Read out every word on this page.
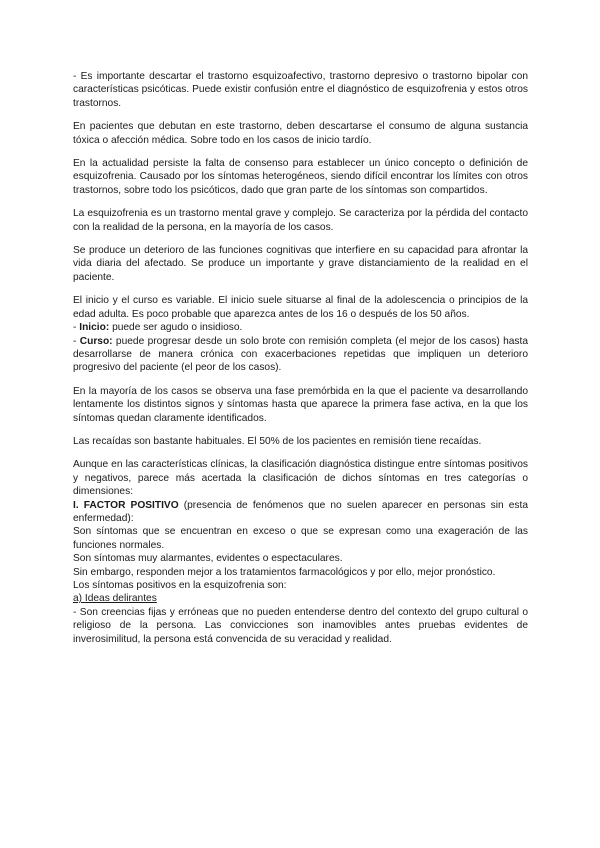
- Es importante descartar el trastorno esquizoafectivo, trastorno depresivo o trastorno bipolar con características psicóticas. Puede existir confusión entre el diagnóstico de esquizofrenia y estos otros trastornos.

En pacientes que debutan en este trastorno, deben descartarse el consumo de alguna sustancia tóxica o afección médica. Sobre todo en los casos de inicio tardío.

En la actualidad persiste la falta de consenso para establecer un único concepto o definición de esquizofrenia. Causado por los síntomas heterogéneos, siendo difícil encontrar los límites con otros trastornos, sobre todo los psicóticos, dado que gran parte de los síntomas son compartidos.

La esquizofrenia es un trastorno mental grave y complejo. Se caracteriza por la pérdida del contacto con la realidad de la persona, en la mayoría de los casos.

Se produce un deterioro de las funciones cognitivas que interfiere en su capacidad para afrontar la vida diaria del afectado. Se produce un importante y grave distanciamiento de la realidad en el paciente.

El inicio y el curso es variable. El inicio suele situarse al final de la adolescencia o principios de la edad adulta. Es poco probable que aparezca antes de los 16 o después de los 50 años.

- Inicio: puede ser agudo o insidioso.

- Curso: puede progresar desde un solo brote con remisión completa (el mejor de los casos) hasta desarrollarse de manera crónica con exacerbaciones repetidas que impliquen un deterioro progresivo del paciente (el peor de los casos).

En la mayoría de los casos se observa una fase premórbida en la que el paciente va desarrollando lentamente los distintos signos y síntomas hasta que aparece la primera fase activa, en la que los síntomas quedan claramente identificados.

Las recaídas son bastante habituales. El 50% de los pacientes en remisión tiene recaídas.

Aunque en las características clínicas, la clasificación diagnóstica distingue entre síntomas positivos y negativos, parece más acertada la clasificación de dichos síntomas en tres categorías o dimensiones:

I. FACTOR POSITIVO (presencia de fenómenos que no suelen aparecer en personas sin esta enfermedad):

Son síntomas que se encuentran en exceso o que se expresan como una exageración de las funciones normales.

Son síntomas muy alarmantes, evidentes o espectaculares.

Sin embargo, responden mejor a los tratamientos farmacológicos y por ello, mejor pronóstico.

Los síntomas positivos en la esquizofrenia son:

a) Ideas delirantes

- Son creencias fijas y erróneas que no pueden entenderse dentro del contexto del grupo cultural o religioso de la persona. Las convicciones son inamovibles antes pruebas evidentes de inverosimilitud, la persona está convencida de su veracidad y realidad.
